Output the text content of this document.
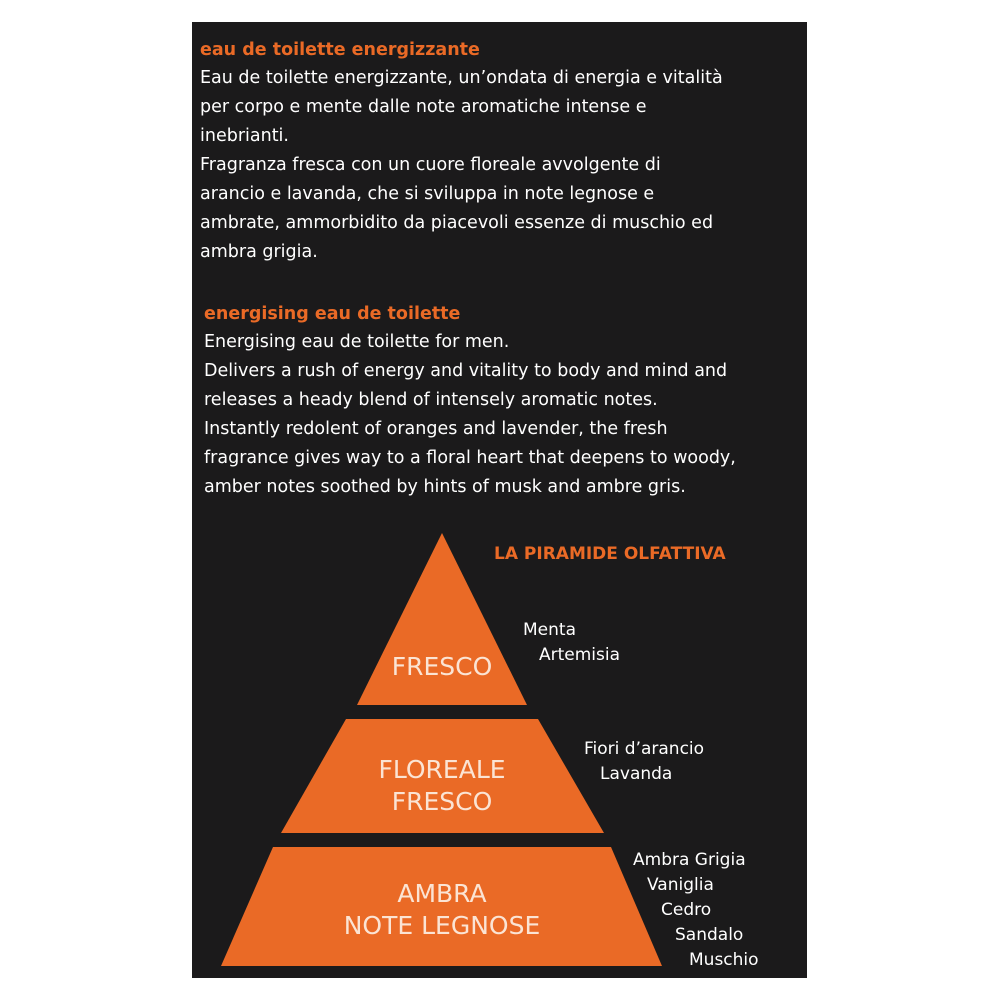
eau de toilette energizzante

Eau de toilette energizzante, un’ondata di energia e vitalità

per corpo e mente dalle note aromatiche intense e

inebrianti.

Fragranza fresca con un cuore floreale avvolgente di

arancio e lavanda, che si sviluppa in note legnose e

ambrate, ammorbidito da piacevoli essenze di muschio ed

ambra grigia.

energising eau de toilette

Energising eau de toilette for men.

Delivers a rush of energy and vitality to body and mind and

releases a heady blend of intensely aromatic notes.

Instantly redolent of oranges and lavender, the fresh

fragrance gives way to a floral heart that deepens to woody,

amber notes soothed by hints of musk and ambre gris.

LA PIRAMIDE OLFATTIVA
FRESCO
FLOREALE
FRESCO
AMBRA
NOTE LEGNOSE
Menta
Artemisia
Fiori d’arancio
Lavanda
Ambra Grigia
Vaniglia
Cedro
Sandalo
Muschio
